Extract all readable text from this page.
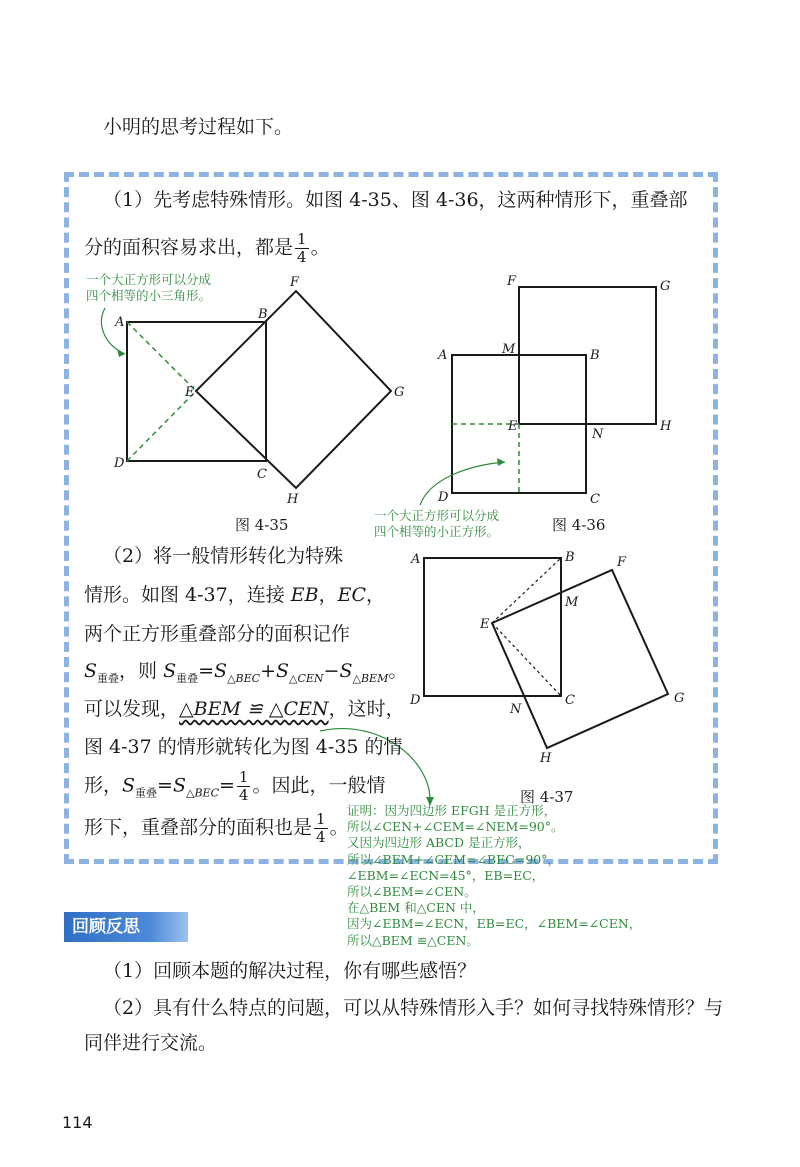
小明的思考过程如下。
（1）先考虑特殊情形。如图 4-35、图 4-36，这两种情形下，重叠部
分的面积容易求出，都是 $\frac{1}{4}$ 。
一个大正方形可以分成
四个相等的小三角形。
A
B
C
D
E
F
G
H
A	B
C
D
E
F	G
H
M
N
A	B
C
D
E
F
G
H
M
N
图 4-35	图 4-36
图 4-37
一个大正方形可以分成
四个相等的小正方形。
（2）将一般情形转化为特殊
情形。如图 4-37，连接 EB，EC，
两个正方形重叠部分的面积记作
$S_{重叠}$，则 $S_{重叠}=S_{\triangle BEC}+S_{\triangle CEN}-S_{\triangle BEM}$。
可以发现，△BEM ≌ △CEN，这时，
图 4-37 的情形就转化为图 4-35 的情
形，$S_{重叠}=S_{\triangle BEC}= \frac{1}{4}$ 。因此，一般情
形下，重叠部分的面积也是 $\frac{1}{4}$ 。
证明：因为四边形 EFGH 是正方形，
所以∠CEN+∠CEM=∠NEM=90°。
又因为四边形 ABCD 是正方形，
所以∠BEM+∠CEM=∠BEC=90°，
∠EBM=∠ECN=45°，EB=EC，
所以∠BEM=∠CEN。
在△BEM 和△CEN 中，
因为∠EBM=∠ECN，EB=EC，∠BEM=∠CEN，
所以△BEM ≌△CEN。
回顾反思
（1）回顾本题的解决过程，你有哪些感悟？
（2）具有什么特点的问题，可以从特殊情形入手？如何寻找特殊情形？与
同伴进行交流。
114
